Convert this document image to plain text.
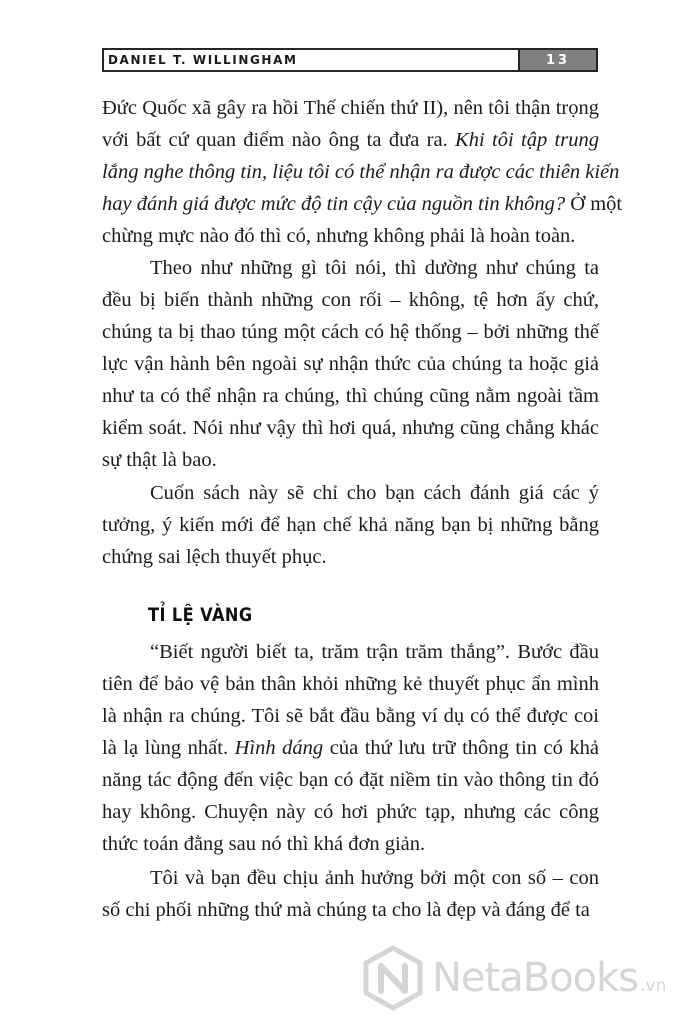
DANIEL T. WILLINGHAM	13
Đức Quốc xã gây ra hồi Thế chiến thứ II), nên tôi thận trọng
với bất cứ quan điểm nào ông ta đưa ra. Khi tôi tập trung
lắng nghe thông tin, liệu tôi có thể nhận ra được các thiên kiến
hay đánh giá được mức độ tin cậy của nguồn tin không? Ở một
chừng mực nào đó thì có, nhưng không phải là hoàn toàn.
Theo như những gì tôi nói, thì dường như chúng ta
đều bị biến thành những con rối – không, tệ hơn ấy chứ,
chúng ta bị thao túng một cách có hệ thống – bởi những thế
lực vận hành bên ngoài sự nhận thức của chúng ta hoặc giả
như ta có thể nhận ra chúng, thì chúng cũng nằm ngoài tầm
kiểm soát. Nói như vậy thì hơi quá, nhưng cũng chẳng khác
sự thật là bao.
Cuốn sách này sẽ chỉ cho bạn cách đánh giá các ý
tưởng, ý kiến mới để hạn chế khả năng bạn bị những bằng
chứng sai lệch thuyết phục.
TỈ LỆ VÀNG
“Biết người biết ta, trăm trận trăm thắng”. Bước đầu
tiên để bảo vệ bản thân khỏi những kẻ thuyết phục ẩn mình
là nhận ra chúng. Tôi sẽ bắt đầu bằng ví dụ có thể được coi
là lạ lùng nhất. Hình dáng của thứ lưu trữ thông tin có khả
năng tác động đến việc bạn có đặt niềm tin vào thông tin đó
hay không. Chuyện này có hơi phức tạp, nhưng các công
thức toán đằng sau nó thì khá đơn giản.
Tôi và bạn đều chịu ảnh hưởng bởi một con số – con
số chi phối những thứ mà chúng ta cho là đẹp và đáng để ta
NetaBooks .vn
